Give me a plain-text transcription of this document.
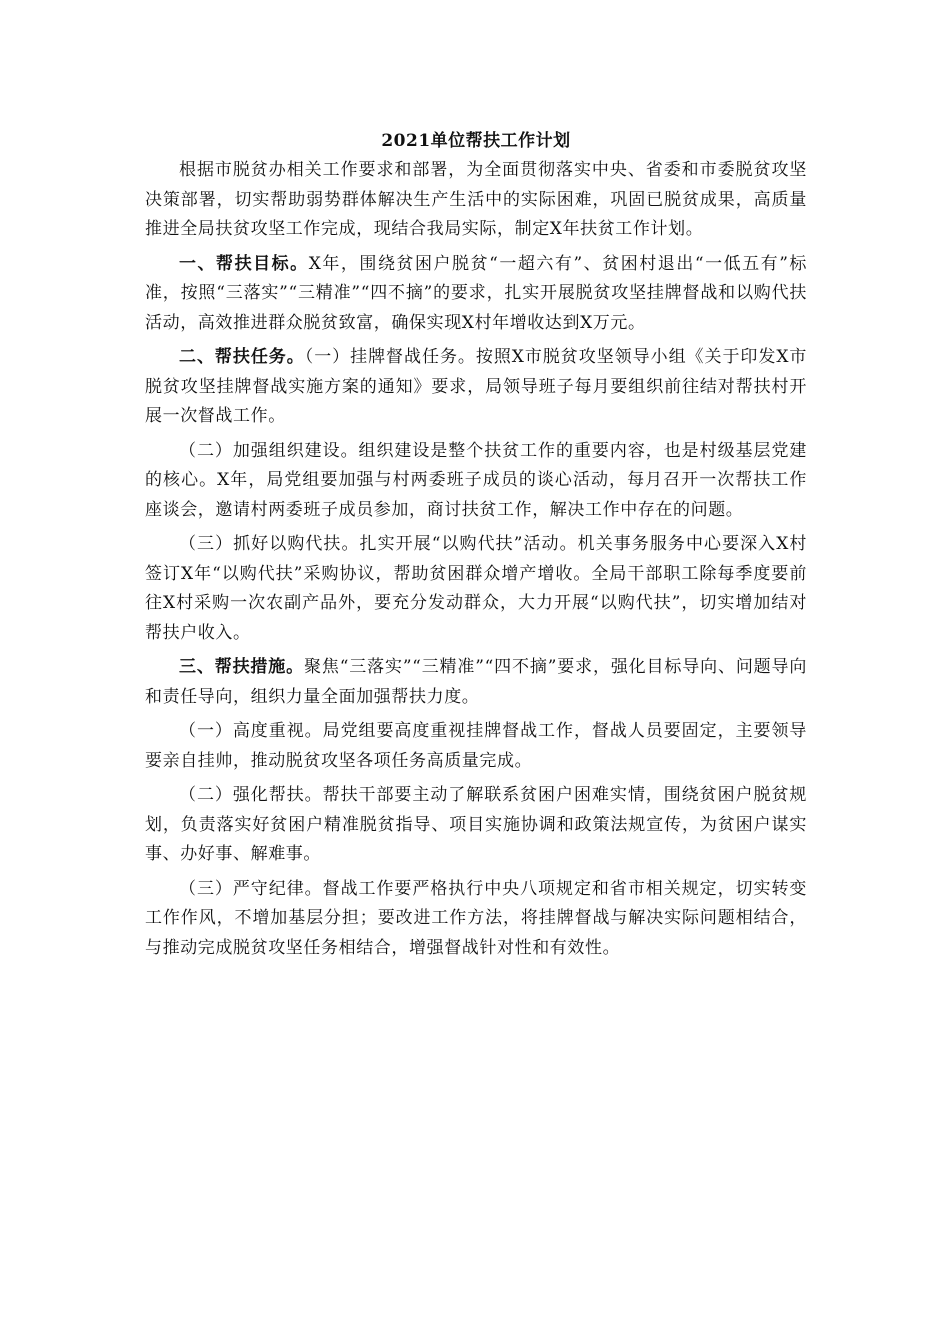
2021单位帮扶工作计划

根据市脱贫办相关工作要求和部署，为全面贯彻落实中央、省委和市委脱贫攻坚决策部署，切实帮助弱势群体解决生产生活中的实际困难，巩固已脱贫成果，高质量推进全局扶贫攻坚工作完成，现结合我局实际，制定X年扶贫工作计划。

一、帮扶目标。X年，围绕贫困户脱贫“一超六有”、贫困村退出“一低五有”标准，按照“三落实”“三精准”“四不摘”的要求，扎实开展脱贫攻坚挂牌督战和以购代扶活动，高效推进群众脱贫致富，确保实现X村年增收达到X万元。

二、帮扶任务。（一）挂牌督战任务。按照X市脱贫攻坚领导小组《关于印发X市脱贫攻坚挂牌督战实施方案的通知》要求，局领导班子每月要组织前往结对帮扶村开展一次督战工作。

（二）加强组织建设。组织建设是整个扶贫工作的重要内容，也是村级基层党建的核心。X年，局党组要加强与村两委班子成员的谈心活动，每月召开一次帮扶工作座谈会，邀请村两委班子成员参加，商讨扶贫工作，解决工作中存在的问题。

（三）抓好以购代扶。扎实开展“以购代扶”活动。机关事务服务中心要深入X村签订X年“以购代扶”采购协议，帮助贫困群众增产增收。全局干部职工除每季度要前往X村采购一次农副产品外，要充分发动群众，大力开展“以购代扶”，切实增加结对帮扶户收入。

三、帮扶措施。聚焦“三落实”“三精准”“四不摘”要求，强化目标导向、问题导向和责任导向，组织力量全面加强帮扶力度。

（一）高度重视。局党组要高度重视挂牌督战工作，督战人员要固定，主要领导要亲自挂帅，推动脱贫攻坚各项任务高质量完成。

（二）强化帮扶。帮扶干部要主动了解联系贫困户困难实情，围绕贫困户脱贫规划，负责落实好贫困户精准脱贫指导、项目实施协调和政策法规宣传，为贫困户谋实事、办好事、解难事。

（三）严守纪律。督战工作要严格执行中央八项规定和省市相关规定，切实转变工作作风，不增加基层分担；要改进工作方法，将挂牌督战与解决实际问题相结合，与推动完成脱贫攻坚任务相结合，增强督战针对性和有效性。
